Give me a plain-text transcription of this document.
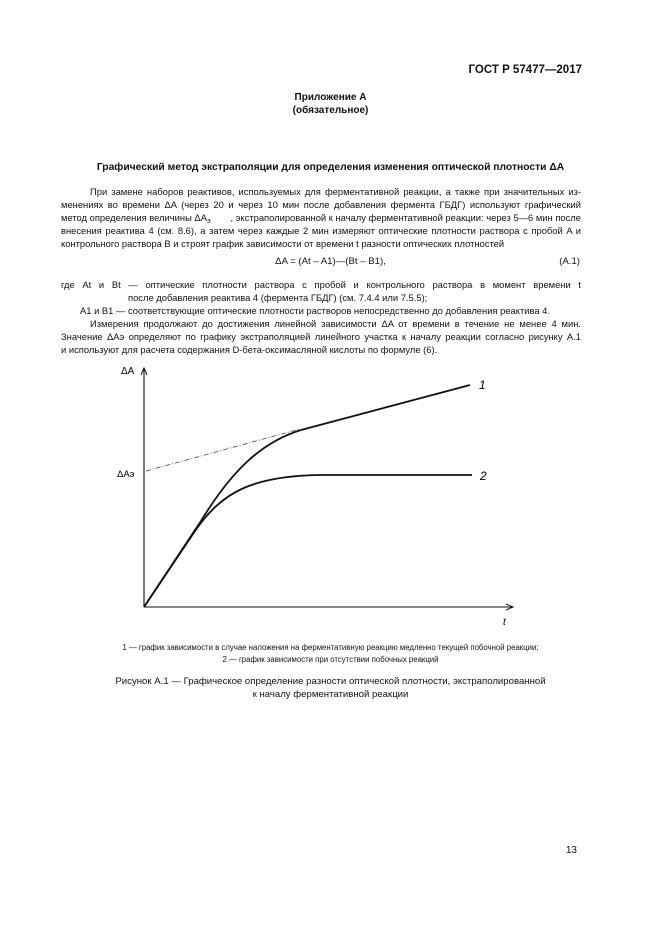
ГОСТ Р 57477—2017
Приложение А
(обязательное)
Графический метод экстраполяции для определения изменения оптической плотности ΔA
При замене наборов реактивов, используемых для ферментативной реакции, а также при значительных из-
менениях во времени ΔA (через 20 и через 10 мин после добавления фермента ГБДГ) используют графический
метод определения величины $\Delta A_э$ , экстраполированной к началу ферментативной реакции: через 5—6 мин после
внесения реактива 4 (см. 8.6), а затем через каждые 2 мин измеряют оптические плотности раствора с пробой A и
контрольного раствора B и строят график зависимости от времени t разности оптических плотностей
ΔA = (At – A1)—(Bt – B1),	(А.1)
где At и Bt — оптические плотности раствора с пробой и контрольного раствора в момент времени t
после добавления реактива 4 (фермента ГБДГ) (см. 7.4.4 или 7.5.5);
A1 и B1 — соответствующие оптические плотности растворов непосредственно до добавления реактива 4.
Измерения продолжают до достижения линейной зависимости ΔA от времени в течение не менее 4 мин.
Значение ΔAэ определяют по графику экстраполяцией линейного участка к началу реакции согласно рисунку А.1
и используют для расчета содержания D-бета-оксимасляной кислоты по формуле (6).
ΔA
t
ΔAэ
1
2
1 — график зависимости в случае наложения на ферментативную реакцию медленно текущей побочной реакции;
2 — график зависимости при отсутствии побочных реакций
Рисунок А.1 — Графическое определение разности оптической плотности, экстраполированной
к началу ферментативной реакции
13
